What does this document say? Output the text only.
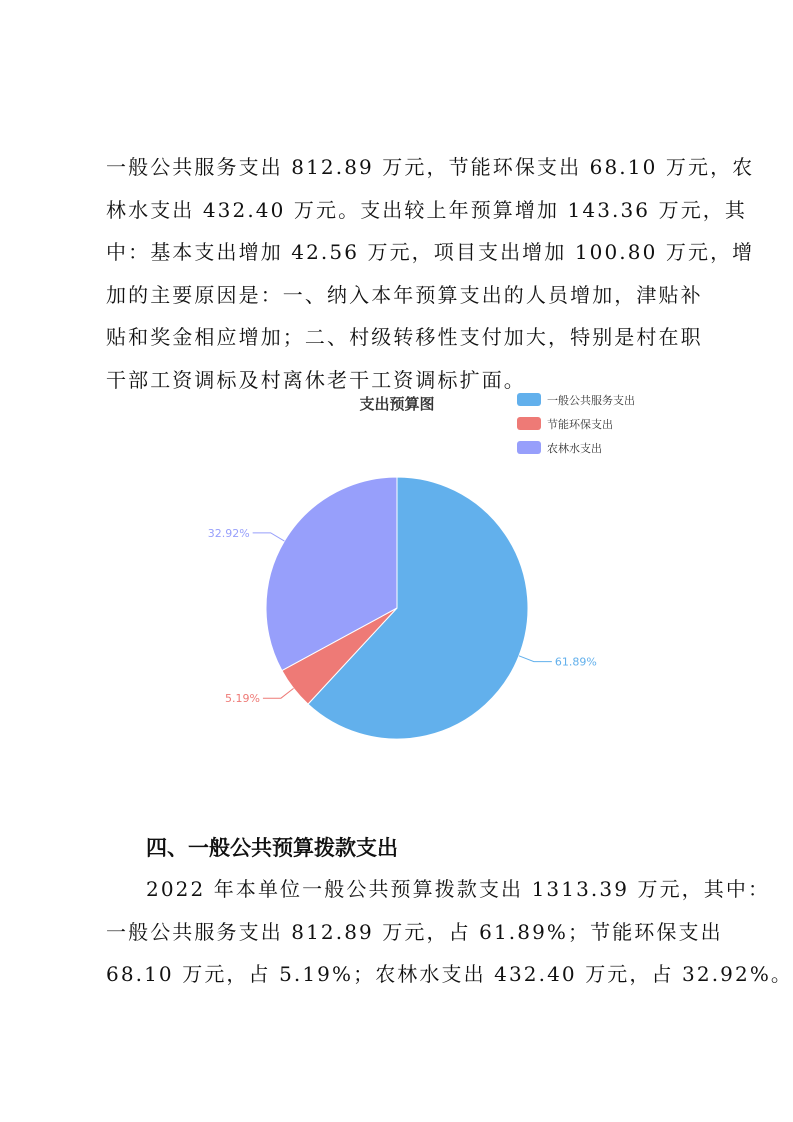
一般公共服务支出 812.89 万元，节能环保支出 68.10 万元，农

林水支出 432.40 万元。支出较上年预算增加 143.36 万元，其

中：基本支出增加 42.56 万元，项目支出增加 100.80 万元，增

加的主要原因是：一、纳入本年预算支出的人员增加，津贴补

贴和奖金相应增加；二、村级转移性支付加大，特别是村在职

干部工资调标及村离休老干工资调标扩面。

支出预算图	一般公共服务支出
节能环保支出
农林水支出
61.89%
5.19%
32.92%
四、一般公共预算拨款支出

2022 年本单位一般公共预算拨款支出 1313.39 万元，其中：

一般公共服务支出 812.89 万元，占 61.89%；节能环保支出

68.10 万元，占 5.19%；农林水支出 432.40 万元，占 32.92%。
